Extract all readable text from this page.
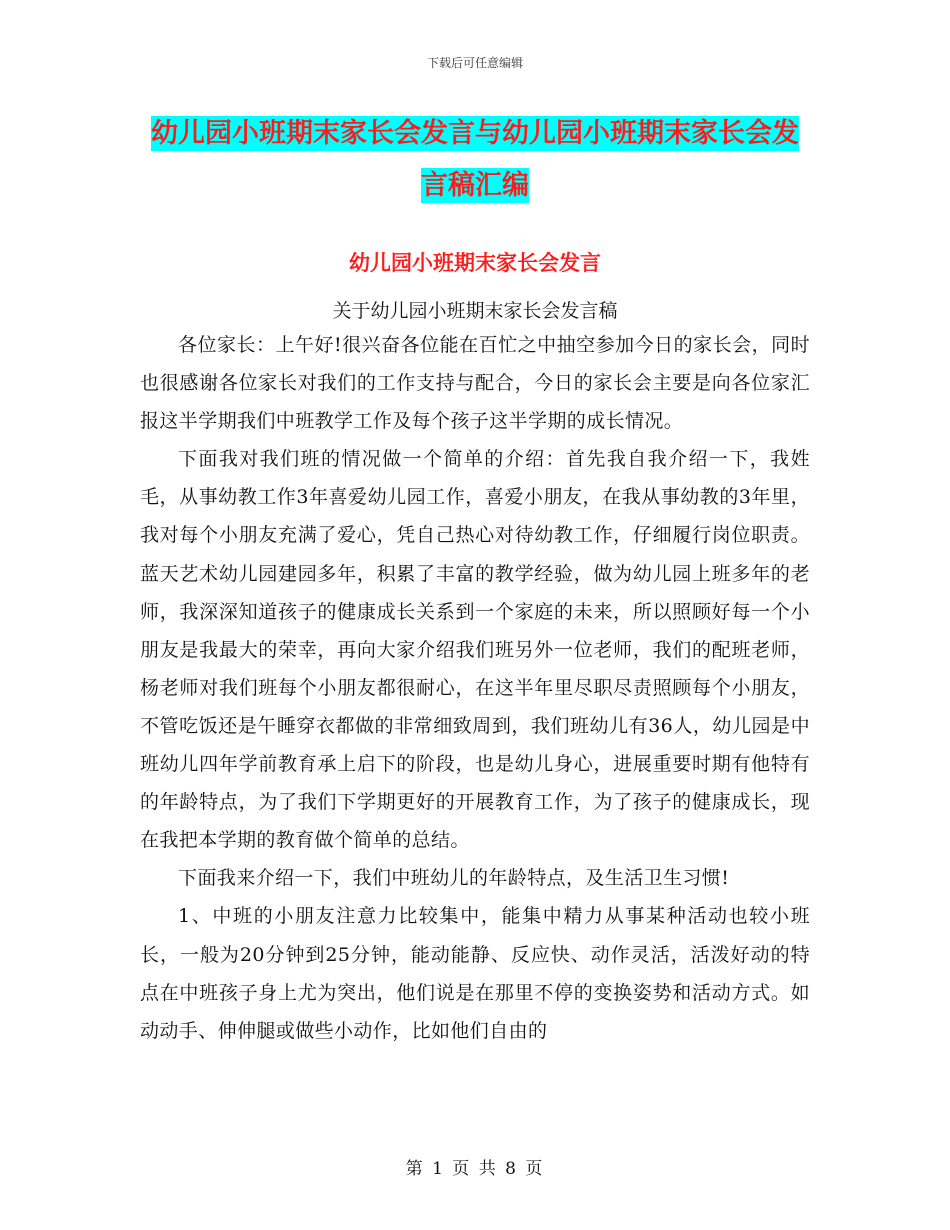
下载后可任意编辑
幼儿园小班期末家长会发言与幼儿园小班期末家长会发言稿汇编
幼儿园小班期末家长会发言
关于幼儿园小班期末家长会发言稿

各位家长：上午好!很兴奋各位能在百忙之中抽空参加今日的家长会，同时也很感谢各位家长对我们的工作支持与配合，今日的家长会主要是向各位家汇报这半学期我们中班教学工作及每个孩子这半学期的成长情况。

下面我对我们班的情况做一个简单的介绍：首先我自我介绍一下，我姓毛，从事幼教工作3年喜爱幼儿园工作，喜爱小朋友，在我从事幼教的3年里，我对每个小朋友充满了爱心，凭自己热心对待幼教工作，仔细履行岗位职责。蓝天艺术幼儿园建园多年，积累了丰富的教学经验，做为幼儿园上班多年的老师，我深深知道孩子的健康成长关系到一个家庭的未来，所以照顾好每一个小朋友是我最大的荣幸，再向大家介绍我们班另外一位老师，我们的配班老师，杨老师对我们班每个小朋友都很耐心，在这半年里尽职尽责照顾每个小朋友，不管吃饭还是午睡穿衣都做的非常细致周到，我们班幼儿有36人，幼儿园是中班幼儿四年学前教育承上启下的阶段，也是幼儿身心，进展重要时期有他特有的年龄特点，为了我们下学期更好的开展教育工作，为了孩子的健康成长，现在我把本学期的教育做个简单的总结。

下面我来介绍一下，我们中班幼儿的年龄特点，及生活卫生习惯!

1、中班的小朋友注意力比较集中，能集中精力从事某种活动也较小班长，一般为20分钟到25分钟，能动能静、反应快、动作灵活，活泼好动的特点在中班孩子身上尤为突出，他们说是在那里不停的变换姿势和活动方式。如动动手、伸伸腿或做些小动作，比如他们自由的

第 1 页 共 8 页
